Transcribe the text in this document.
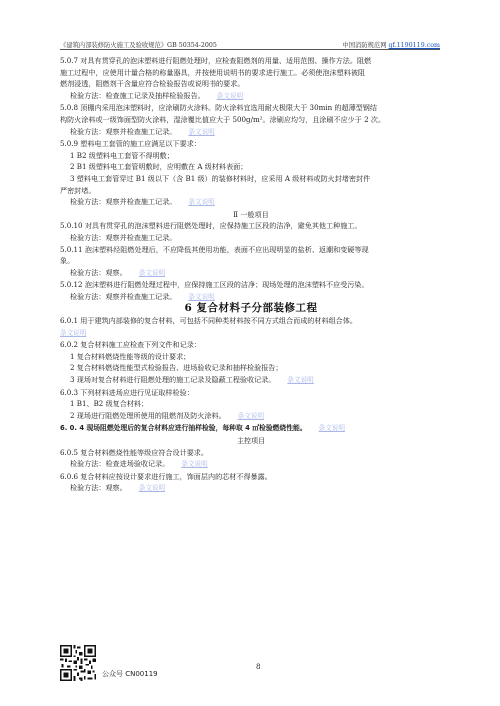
《建筑内部装修防火施工及验收规范》GB 50354-2005	中国消防规范网 gf.1190119.com

5.0.7 对具有贯穿孔的泡沫塑料进行阻燃处理时，应检查阻燃剂的用量、适用范围、操作方法。阻燃

施工过程中，应使用计量合格的称量器具，并按使用说明书的要求进行施工。必须使泡沫塑料被阻

燃剂浸透，阻燃剂干含量应符合检验报告或说明书的要求。

检验方法：检查施工记录及抽样检验报告。 条文说明

5.0.8 顶棚内采用泡沫塑料时，应涂刷防火涂料。防火涂料宜选用耐火极限大于 30min 的超薄型钢结

构防火涂料或一级饰面型防火涂料，湿涂覆比值应大于 500g/m²。涂刷应均匀，且涂刷不应少于 2 次。

检验方法：观察并检查施工记录。 条文说明

5.0.9 塑料电工套管的施工应满足以下要求：

1 B2 级塑料电工套管不得明敷；

2 B1 级塑料电工套管明敷时，应明敷在 A 级材料表面；

3 塑料电工套管穿过 B1 级以下（含 B1 级）的装修材料时，应采用 A 级材料或防火封堵密封件

严密封堵。

检验方法：观察并检查施工记录。 条文说明

Ⅱ 一般项目

5.0.10 对具有贯穿孔的泡沫塑料进行阻燃处理时，应保持施工区段的洁净，避免其他工种施工。

检验方法：观察并检查施工记录。

5.0.11 泡沫塑料经阻燃处理后，不应降低其使用功能，表面不应出现明显的盐析、返潮和变硬等现

象。

检验方法：观察。 条文说明

5.0.12 泡沫塑料进行阻燃处理过程中，应保持施工区段的洁净；现场处理的泡沫塑料不应受污染。

检验方法：观察并检查施工记录。 条文说明

6 复合材料子分部装修工程

6.0.1 用于建筑内部装修的复合材料，可包括不同种类材料按不同方式组合而成的材料组合体。

条文说明

6.0.2 复合材料施工应检查下列文件和记录：

1 复合材料燃烧性能等级的设计要求；

2 复合材料燃烧性能型式检验报告、进场验收记录和抽样检验报告；

3 现场对复合材料进行阻燃处理的施工记录及隐蔽工程验收记录。 条文说明

6.0.3 下列材料进场应进行见证取样检验：

1 B1、B2 级复合材料；

2 现场进行阻燃处理所使用的阻燃剂及防火涂料。 条文说明

6. 0. 4 现场阻燃处理后的复合材料应进行抽样检验，每种取 4 ㎡检验燃烧性能。 条文说明

主控项目

6.0.5 复合材料燃烧性能等级应符合设计要求。

检验方法：检查进场验收记录。 条文说明

6.0.6 复合材料应按设计要求进行施工，饰面层内的芯材不得暴露。

检验方法：观察。 条文说明

公众号 CN00119
8
